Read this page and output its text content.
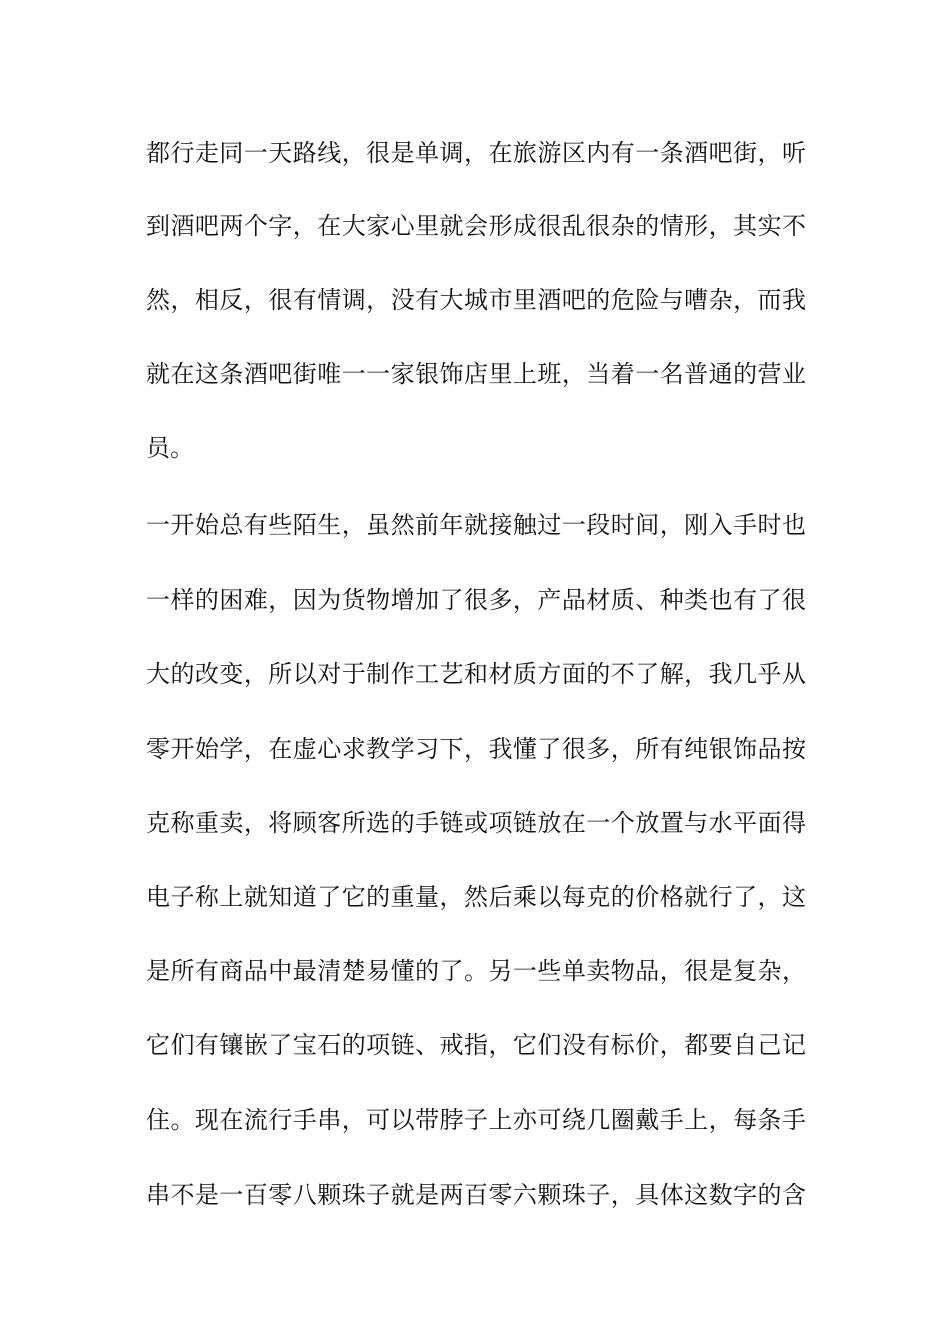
都行走同一天路线，很是单调，在旅游区内有一条酒吧街，听
到酒吧两个字，在大家心里就会形成很乱很杂的情形，其实不
然，相反，很有情调，没有大城市里酒吧的危险与嘈杂，而我
就在这条酒吧街唯一一家银饰店里上班，当着一名普通的营业
员。
一开始总有些陌生，虽然前年就接触过一段时间，刚入手时也
一样的困难，因为货物增加了很多，产品材质、种类也有了很
大的改变，所以对于制作工艺和材质方面的不了解，我几乎从
零开始学，在虚心求教学习下，我懂了很多，所有纯银饰品按
克称重卖，将顾客所选的手链或项链放在一个放置与水平面得
电子称上就知道了它的重量，然后乘以每克的价格就行了，这
是所有商品中最清楚易懂的了。另一些单卖物品，很是复杂，
它们有镶嵌了宝石的项链、戒指，它们没有标价，都要自己记
住。现在流行手串，可以带脖子上亦可绕几圈戴手上，每条手
串不是一百零八颗珠子就是两百零六颗珠子，具体这数字的含
